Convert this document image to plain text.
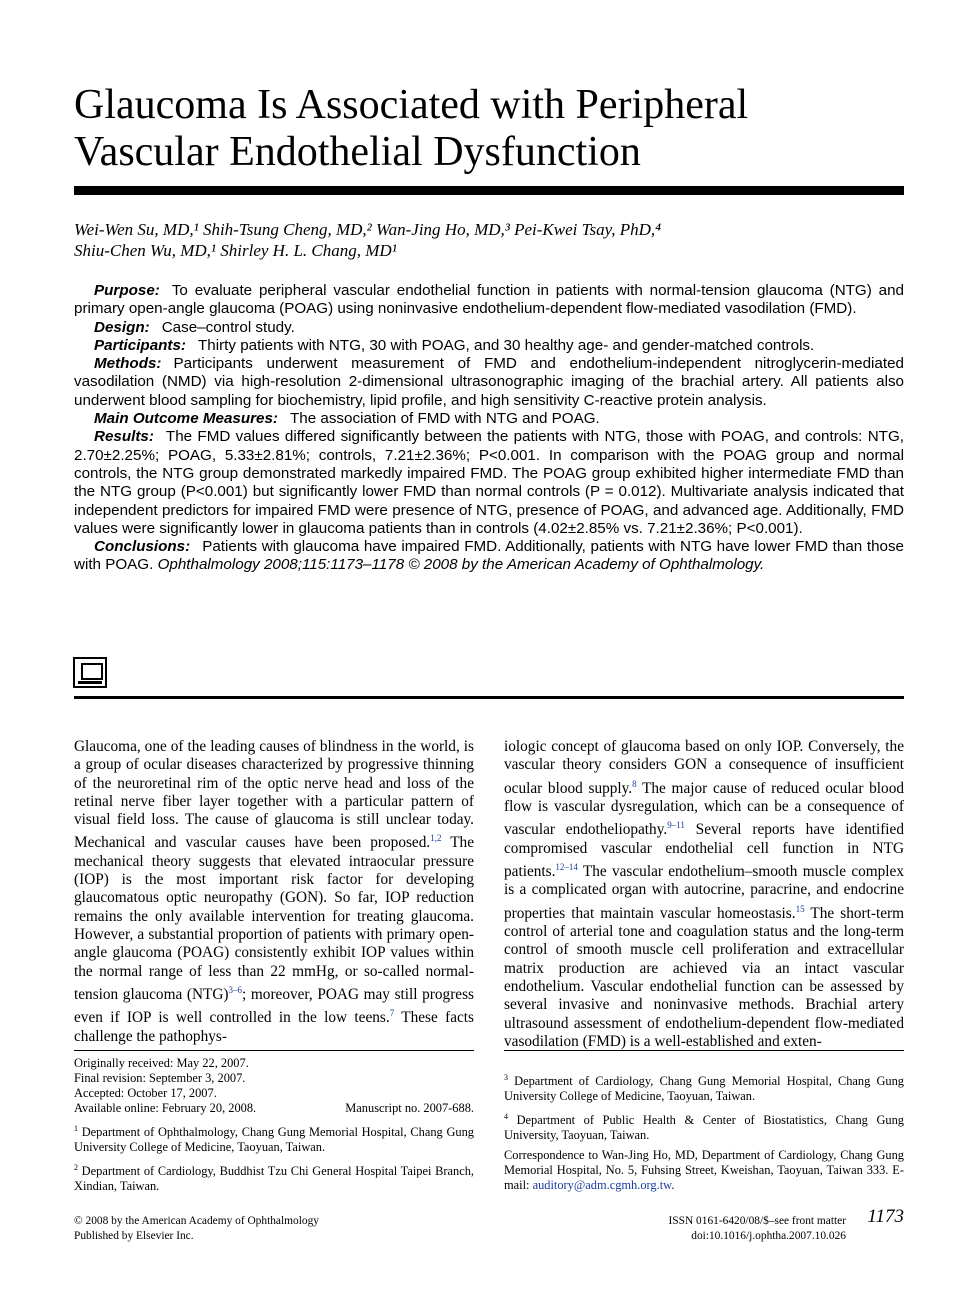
Glaucoma Is Associated with Peripheral
Vascular Endothelial Dysfunction
Wei-Wen Su, MD,¹ Shih-Tsung Cheng, MD,² Wan-Jing Ho, MD,³ Pei-Kwei Tsay, PhD,⁴
Shiu-Chen Wu, MD,¹ Shirley H. L. Chang, MD¹

Purpose: To evaluate peripheral vascular endothelial function in patients with normal-tension glaucoma (NTG) and primary open-angle glaucoma (POAG) using noninvasive endothelium-dependent flow-mediated vasodilation (FMD).

Design: Case–control study.

Participants: Thirty patients with NTG, 30 with POAG, and 30 healthy age- and gender-matched controls.

Methods: Participants underwent measurement of FMD and endothelium-independent nitroglycerin-mediated vasodilation (NMD) via high-resolution 2-dimensional ultrasonographic imaging of the brachial artery. All patients also underwent blood sampling for biochemistry, lipid profile, and high sensitivity C-reactive protein analysis.

Main Outcome Measures: The association of FMD with NTG and POAG.

Results: The FMD values differed significantly between the patients with NTG, those with POAG, and controls: NTG, 2.70±2.25%; POAG, 5.33±2.81%; controls, 7.21±2.36%; P<0.001. In comparison with the POAG group and normal controls, the NTG group demonstrated markedly impaired FMD. The POAG group exhibited higher intermediate FMD than the NTG group (P<0.001) but significantly lower FMD than normal controls (P = 0.012). Multivariate analysis indicated that independent predictors for impaired FMD were presence of NTG, presence of POAG, and advanced age. Additionally, FMD values were significantly lower in glaucoma patients than in controls (4.02±2.85% vs. 7.21±2.36%; P<0.001).

Conclusions: Patients with glaucoma have impaired FMD. Additionally, patients with NTG have lower FMD than those with POAG. Ophthalmology 2008;115:1173–1178 © 2008 by the American Academy of Ophthalmology.

Glaucoma, one of the leading causes of blindness in the world, is a group of ocular diseases characterized by progressive thinning of the neuroretinal rim of the optic nerve head and loss of the retinal nerve fiber layer together with a particular pattern of visual field loss. The cause of glaucoma is still unclear today. Mechanical and vascular causes have been proposed.$^{1,2}$ The mechanical theory suggests that elevated intraocular pressure (IOP) is the most important risk factor for developing glaucomatous optic neuropathy (GON). So far, IOP reduction remains the only available intervention for treating glaucoma. However, a substantial proportion of patients with primary open-angle glaucoma (POAG) consistently exhibit IOP values within the normal range of less than 22 mmHg, or so-called normal-tension glaucoma (NTG)$^{3-6}$; moreover, POAG may still progress even if IOP is well controlled in the low teens.$^7$ These facts challenge the pathophys-

iologic concept of glaucoma based on only IOP. Conversely, the vascular theory considers GON a consequence of insufficient ocular blood supply.$^8$ The major cause of reduced ocular blood flow is vascular dysregulation, which can be a consequence of vascular endotheliopathy.$^{9-11}$ Several reports have identified compromised vascular endothelial cell function in NTG patients.$^{12-14}$ The vascular endothelium–smooth muscle complex is a complicated organ with autocrine, paracrine, and endocrine properties that maintain vascular homeostasis.$^{15}$ The short-term control of arterial tone and coagulation status and the long-term control of smooth muscle cell proliferation and extracellular matrix production are achieved via an intact vascular endothelium. Vascular endothelial function can be assessed by several invasive and noninvasive methods. Brachial artery ultrasound assessment of endothelium-dependent flow-mediated vasodilation (FMD) is a well-established and exten-

Originally received: May 22, 2007.
Final revision: September 3, 2007.
Accepted: October 17, 2007.
Available online: February 20, 2008.	Manuscript no. 2007-688.

$^1$ Department of Ophthalmology, Chang Gung Memorial Hospital, Chang Gung University College of Medicine, Taoyuan, Taiwan.

$^2$ Department of Cardiology, Buddhist Tzu Chi General Hospital Taipei Branch, Xindian, Taiwan.

$^3$ Department of Cardiology, Chang Gung Memorial Hospital, Chang Gung University College of Medicine, Taoyuan, Taiwan.

$^4$ Department of Public Health & Center of Biostatistics, Chang Gung University, Taoyuan, Taiwan.

Correspondence to Wan-Jing Ho, MD, Department of Cardiology, Chang Gung Memorial Hospital, No. 5, Fuhsing Street, Kweishan, Taoyuan, Taiwan 333. E-mail: auditory@adm.cgmh.org.tw.

© 2008 by the American Academy of Ophthalmology
Published by Elsevier Inc.
ISSN 0161-6420/08/$–see front matter
doi:10.1016/j.ophtha.2007.10.026
1173
